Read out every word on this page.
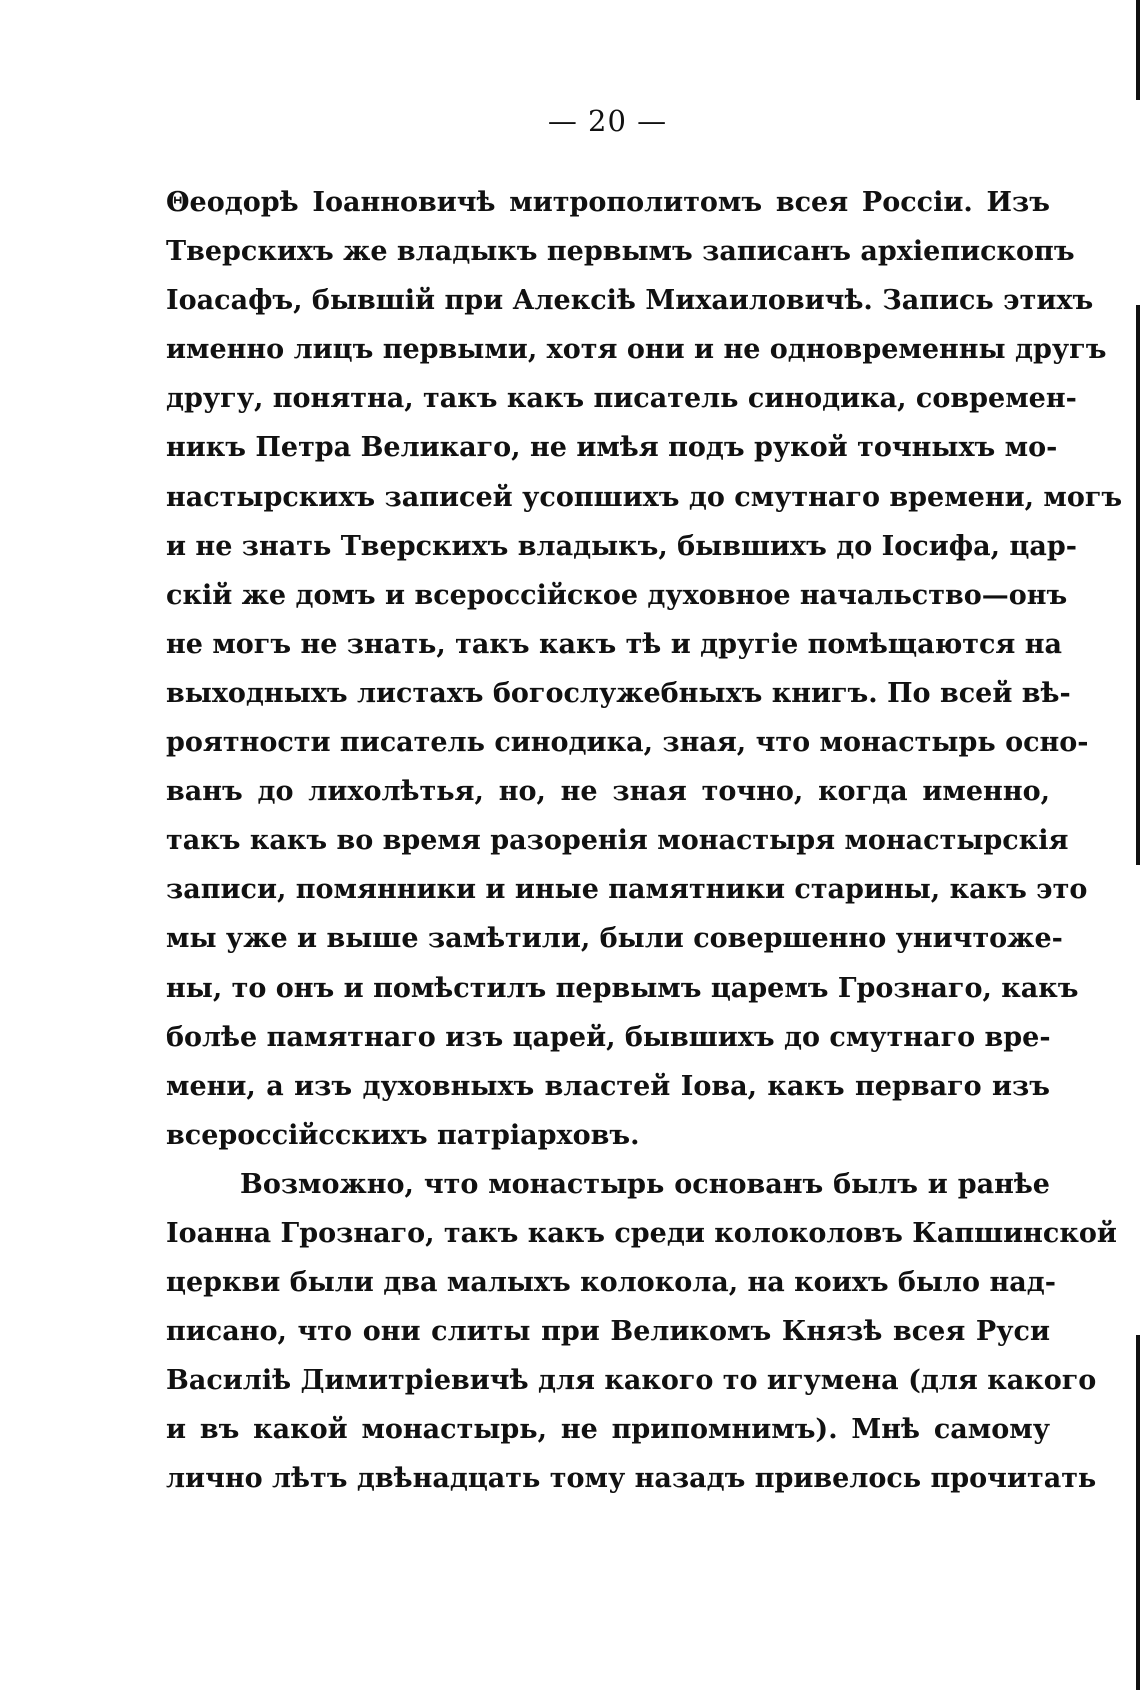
— 20 —
Θеодорѣ Іоанновичѣ митрополитомъ всея Россіи. Изъ
Тверскихъ же владыкъ первымъ записанъ архіепископъ
Іоасафъ, бывшій при Алексіѣ Михаиловичѣ. Запись этихъ
именно лицъ первыми, хотя они и не одновременны другъ
другу, понятна, такъ какъ писатель синодика, современ-
никъ Петра Великаго, не имѣя подъ рукой точныхъ мо-
настырскихъ записей усопшихъ до смутнаго времени, могъ
и не знать Тверскихъ владыкъ, бывшихъ до Іосифа, цар-
скій же домъ и всероссійское духовное начальство—онъ
не могъ не знать, такъ какъ тѣ и другіе помѣщаются на
выходныхъ листахъ богослужебныхъ книгъ. По всей вѣ-
роятности писатель синодика, зная, что монастырь осно-
ванъ до лихолѣтья, но, не зная точно, когда именно,
такъ какъ во время разоренія монастыря монастырскія
записи, помянники и иные памятники старины, какъ это
мы уже и выше замѣтили, были совершенно уничтоже-
ны, то онъ и помѣстилъ первымъ царемъ Грознаго, какъ
болѣе памятнаго изъ царей, бывшихъ до смутнаго вре-
мени, а изъ духовныхъ властей Іова, какъ перваго изъ
всероссійсскихъ патріарховъ.
Возможно, что монастырь основанъ былъ и ранѣе
Іоанна Грознаго, такъ какъ среди колоколовъ Капшинской
церкви были два малыхъ колокола, на коихъ было над-
писано, что они слиты при Великомъ Князѣ всея Руси
Василіѣ Димитріевичѣ для какого то игумена (для какого
и въ какой монастырь, не припомнимъ). Мнѣ самому
лично лѣтъ двѣнадцать тому назадъ привелось прочитать
